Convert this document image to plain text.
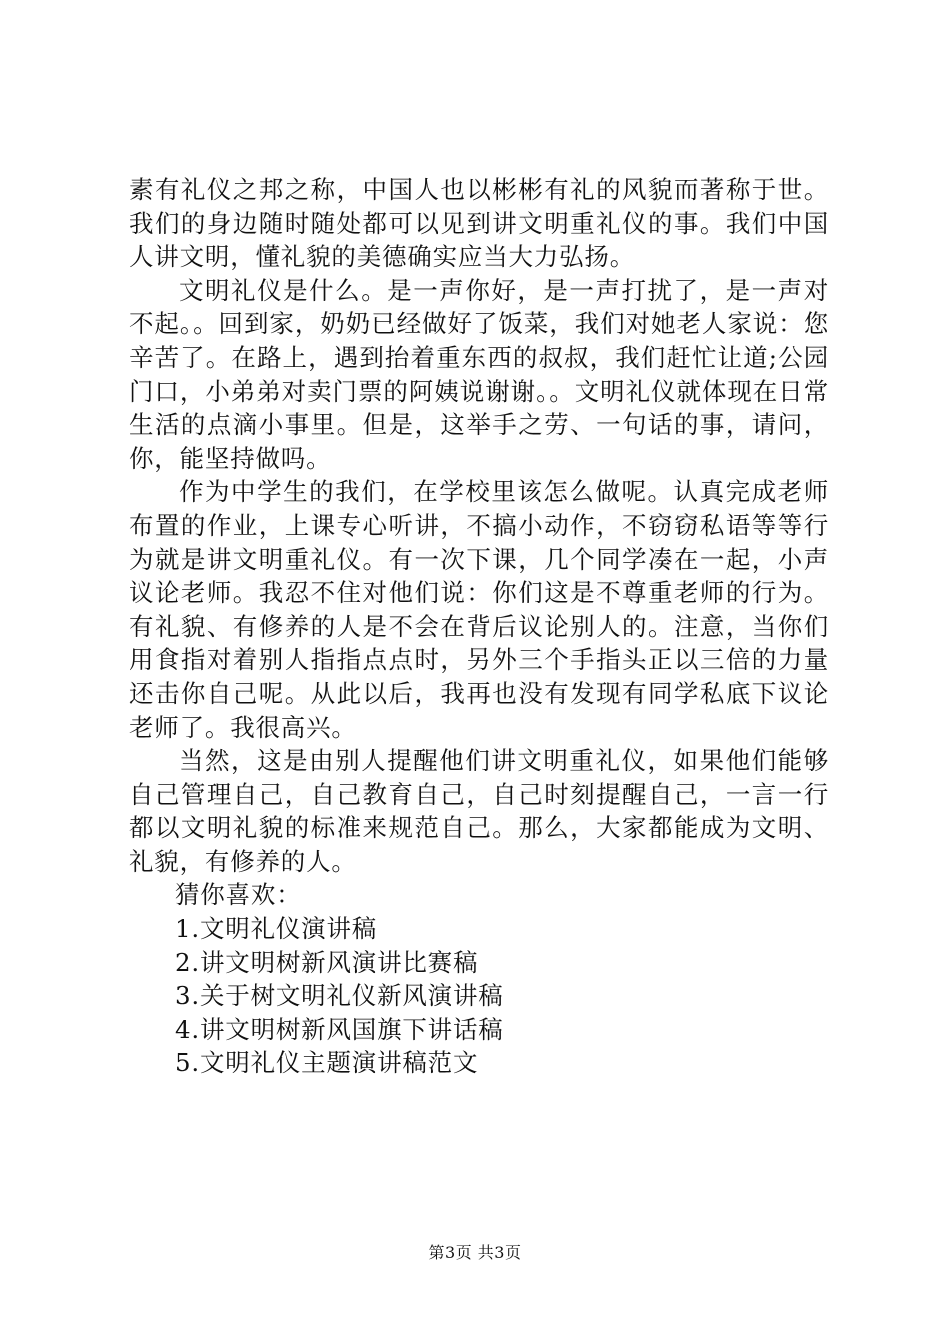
素有礼仪之邦之称，中国人也以彬彬有礼的风貌而著称于世。我们的身边随时随处都可以见到讲文明重礼仪的事。我们中国人讲文明，懂礼貌的美德确实应当大力弘扬。

文明礼仪是什么。是一声你好，是一声打扰了，是一声对不起。。回到家，奶奶已经做好了饭菜，我们对她老人家说：您辛苦了。在路上，遇到抬着重东西的叔叔，我们赶忙让道;公园门口，小弟弟对卖门票的阿姨说谢谢。。文明礼仪就体现在日常生活的点滴小事里。但是，这举手之劳、一句话的事，请问，你，能坚持做吗。

作为中学生的我们，在学校里该怎么做呢。认真完成老师布置的作业，上课专心听讲，不搞小动作，不窃窃私语等等行为就是讲文明重礼仪。有一次下课，几个同学凑在一起，小声议论老师。我忍不住对他们说：你们这是不尊重老师的行为。有礼貌、有修养的人是不会在背后议论别人的。注意，当你们用食指对着别人指指点点时，另外三个手指头正以三倍的力量还击你自己呢。从此以后，我再也没有发现有同学私底下议论老师了。我很高兴。

当然，这是由别人提醒他们讲文明重礼仪，如果他们能够自己管理自己，自己教育自己，自己时刻提醒自己，一言一行都以文明礼貌的标准来规范自己。那么，大家都能成为文明、礼貌，有修养的人。

猜你喜欢：

1.文明礼仪演讲稿
2.讲文明树新风演讲比赛稿
3.关于树文明礼仪新风演讲稿
4.讲文明树新风国旗下讲话稿
5.文明礼仪主题演讲稿范文
第3页 共3页
